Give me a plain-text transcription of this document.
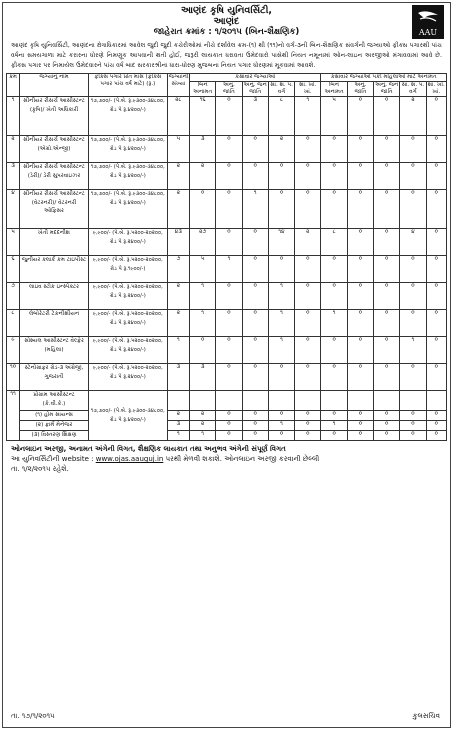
આણંદ કૃષિ યુનિવર્સિટી,
આણંદ
જાહેરાત ક્રમાંક : ૧/૨૦૧૫ (બિન-શૈક્ષણિક)	AAU
આણંદ કૃષિ યુનિવર્સિટી, આણંદના ક્ષેત્રાધિકારમાં આવેલ જુદી જુદી કચેરીઓમાં નીચે દર્શાવેલ ક્રમ-(૧) થી (૧૧)નો વર્ગ-૩ની બિન-શૈક્ષણિક સંવર્ગની જગ્યાઓ ફીક્સ પગારથી પાંચ વર્ષના સમયગાળા માટે કરારના ધોરણે નિમણૂક આપવાની થતી હોઈ, જરૂરી લાયકાત ધરાવતા ઉમેદવારો પાસેથી નિયત નમૂનામાં ઓન-લાઇન અરજીઓ મંગાવવામાં આવે છે. ફીક્સ પગાર પર નિમાયેલ ઉમેદવારને પાંચ વર્ષ બાદ સરકારશ્રીના ધારા-ધોરણ મુજબના નિયત પગાર ધોરણમાં મૂકવામાં આવશે.
ક્રમ	જગ્યાનું નામ	ફીક્સ પગાર પ્રતિ માસ (ફીક્સ પગાર પાંચ વર્ષ માટે) (રૂ.)	જગ્યાની સંખ્યા	કક્ષાવાર જગ્યાઓ					કક્ષાવાર જગ્યાઓ પૈકી મહિલાઓ માટે અનામત				
				બિન અનામત	અનુ. જાતિ	અનુ. જન જાતિ	સા. શૈ. પ. વર્ગ	શા. ખો. ખાં.	બિન અનામત	અનુ. જાતિ	અનુ. જન જાતિ	સા. શૈ. પ. વર્ગ	શા. ખો. ખાં.
૧	સીનીયર રીસર્ચ આસીસ્ટન્ટ (કૃષિ)/ ખેતી અધિકારી	૧૭,૭૦૦/- (પે.બે. રૂ.૯૩૦૦-૩૪૮૦૦, ગ્રેડ પે રૂ.૪૨૦૦/-)	૨૮	૧૬	૦	૩	૮	૧	૫	૦	૦	૨	૦
૨	સીનીયર રીસર્ચ આસીસ્ટન્ટ (એગ્રો.એન્જી)	૧૭,૭૦૦/- (પે.બે. રૂ.૯૩૦૦-૩૪૮૦૦, ગ્રેડ પે રૂ.૪૨૦૦/-)	૫	૩	૦	૦	૨	૦	૦	૦	૦	૦	૦
૩	સીનીયર રીસર્ચ આસીસ્ટન્ટ (ડેરી)/ ડેરી સુપરવાઇઝર	૧૭,૭૦૦/- (પે.બે. રૂ.૯૩૦૦-૩૪૮૦૦, ગ્રેડ પે રૂ.૪૨૦૦/-)	૨	૨	૦	૦	૦	૦	૦	૦	૦	૦	૦
૪	સીનીયર રીસર્ચ આસીસ્ટન્ટ (વેટરનરી)/ વેટરનરી ઓફિસર	૧૭,૭૦૦/- (પે.બે. રૂ.૯૩૦૦-૩૪૮૦૦, ગ્રેડ પે રૂ.૪૨૦૦/-)	૨	૦	૦	૧	૦	૦	૦	૦	૦	૦	૦
૫	ખેતી મદદનીશ	૯,૯૦૦/- (પે.બે. રૂ.૫૨૦૦-૨૦૨૦૦, ગ્રેડ પે રૂ.૨૪૦૦/-)	૪૩	૨૭	૦	૦	૧૪	૨	૮	૦	૦	૪	૦
૬	જુનીયર ક્લાર્ક કમ ટાઇપીસ્ટ	૯,૯૦૦/- (પે.બે. રૂ.૫૨૦૦-૨૦૨૦૦, ગ્રેડ પે રૂ.૧૯૦૦/-)	૭	૫	૧	૦	૦	૦	૦	૦	૦	૦	૦
૭	લાઇવ સ્ટોક ઇન્સ્પેક્ટર	૯,૯૦૦/- (પે.બે. રૂ.૫૨૦૦-૨૦૨૦૦, ગ્રેડ પે રૂ.૨૪૦૦/-)	૨	૧	૦	૦	૧	૦	૦	૦	૦	૦	૦
૮	લેબોરેટરી ટેકનીશીયન	૯,૯૦૦/- (પે.બે. રૂ.૫૨૦૦-૨૦૨૦૦, ગ્રેડ પે રૂ.૨૪૦૦/-)	૨	૧	૦	૦	૧	૦	૧	૦	૦	૦	૦
૯	સોશ્યલ આસીસ્ટન્ટ વેલ્ફેર (મહિલા)	૯,૯૦૦/- (પે.બે. રૂ.૫૨૦૦-૨૦૨૦૦, ગ્રેડ પે રૂ.૨૪૦૦/-)	૧	૦	૦	૦	૧	૦	૦	૦	૦	૧	૦
૧૦	સ્ટેનોગ્રાફર ગ્રેડ-૩ અંગ્રેજી, ગુજરાતી	૯,૯૦૦/- (પે.બે. રૂ.૫૨૦૦-૨૦૨૦૦, ગ્રેડ પે રૂ.૨૪૦૦/-)	૩	૩	૦	૦	૦	૦	૦	૦	૦	૦	૦
૧૧	પ્રોગ્રામ આસીસ્ટન્ટ (કે.વી.કે.)	૧૭,૭૦૦/- (પે.બે. રૂ.૯૩૦૦-૩૪૮૦૦, ગ્રેડ પે રૂ.૪૨૦૦/-)											
	(૧) હોમ સાયન્સ		૨	૨	૦	૦	૦	૦	૦	૦	૦	૦	૦
	(૨) ફાર્મ મેનેજર		૩	૨	૦	૦	૧	૦	૧	૦	૦	૦	૦
	(૩) વિસ્તરણ શિક્ષણ		૧	૧	૦	૦	૦	૦	૦	૦	૦	૦	૦
ઓનલાઇન અરજી, અનામત અંગેની વિગત, શૈક્ષણિક લાયકાત તથા અનુભવ અંગેની સંપૂર્ણ વિગત
આ યુનિવર્સિટીની website : www.ojas.aauguj.in પરથી મેળવી શકાશે. ઓનલાઇન અરજી કરવાની છેલ્લી
તા. ૧/૨/૨૦૧૫ રહેશે.
તા. ૧૭/૧/૨૦૧૫	કુલસચિવ
